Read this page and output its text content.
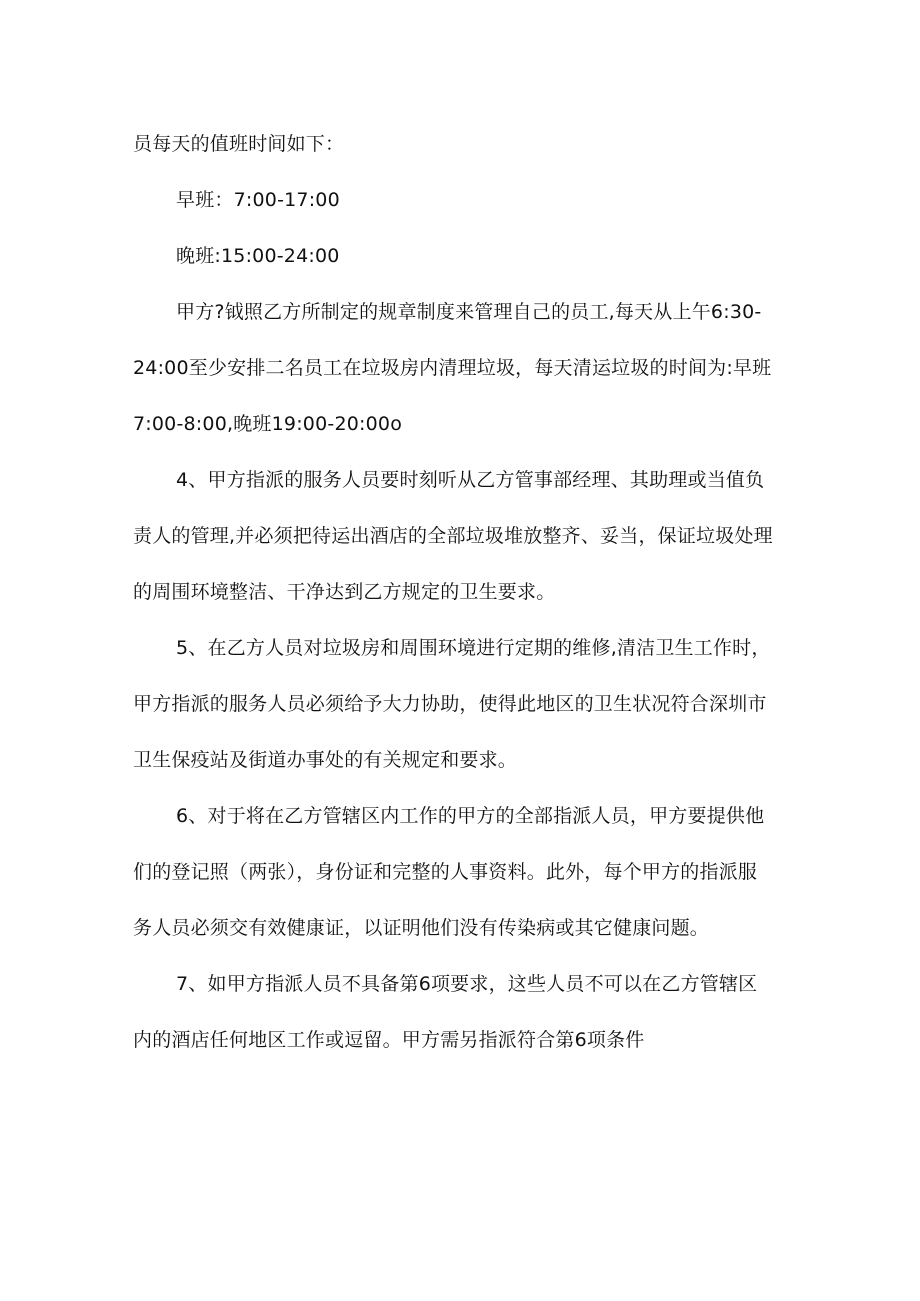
员每天的值班时间如下：
早班：7:00-17:00
晚班:15:00-24:00
甲方?钺照乙方所制定的规章制度来管理自己的员工,每天从上午6:30-
24:00至少安排二名员工在垃圾房内清理垃圾，每天清运垃圾的时间为:早班
7:00-8:00,晚班19:00-20:00o
4、甲方指派的服务人员要时刻听从乙方管事部经理、其助理或当值负
责人的管理,并必须把待运出酒店的全部垃圾堆放整齐、妥当，保证垃圾处理
的周围环境整洁、干净达到乙方规定的卫生要求。
5、在乙方人员对垃圾房和周围环境进行定期的维修,清洁卫生工作时，
甲方指派的服务人员必须给予大力协助，使得此地区的卫生状况符合深圳市
卫生保疫站及街道办事处的有关规定和要求。
6、对于将在乙方管辖区内工作的甲方的全部指派人员，甲方要提供他
们的登记照（两张），身份证和完整的人事资料。此外，每个甲方的指派服
务人员必须交有效健康证，以证明他们没有传染病或其它健康问题。
7、如甲方指派人员不具备第6项要求，这些人员不可以在乙方管辖区
内的酒店任何地区工作或逗留。甲方需另指派符合第6项条件
